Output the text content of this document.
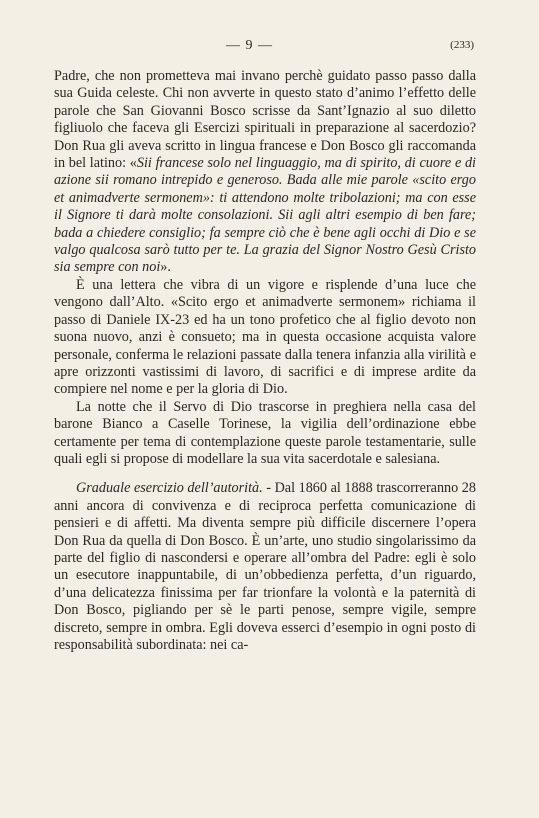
— 9 —	(233)

Padre, che non prometteva mai invano perchè guidato passo passo dalla sua Guida celeste. Chi non avverte in questo stato d’animo l’effetto delle parole che San Giovanni Bosco scrisse da Sant’Ignazio al suo diletto figliuolo che faceva gli Esercizi spirituali in preparazione al sacerdozio? Don Rua gli aveva scritto in lingua francese e Don Bosco gli raccomanda in bel latino: «Sii francese solo nel linguaggio, ma di spirito, di cuore e di azione sii romano intrepido e generoso. Bada alle mie parole «scito ergo et animadverte sermonem»: ti attendono molte tribolazioni; ma con esse il Signore ti darà molte consolazioni. Sii agli altri esempio di ben fare; bada a chiedere consiglio; fa sempre ciò che è bene agli occhi di Dio e se valgo qualcosa sarò tutto per te. La grazia del Signor Nostro Gesù Cristo sia sempre con noi».

È una lettera che vibra di un vigore e risplende d’una luce che vengono dall’Alto. «Scito ergo et animadverte sermonem» richiama il passo di Daniele IX-23 ed ha un tono profetico che al figlio devoto non suona nuovo, anzi è consueto; ma in questa occasione acquista valore personale, conferma le relazioni passate dalla tenera infanzia alla virilità e apre orizzonti vastissimi di lavoro, di sacrifici e di imprese ardite da compiere nel nome e per la gloria di Dio.

La notte che il Servo di Dio trascorse in preghiera nella casa del barone Bianco a Caselle Torinese, la vigilia dell’ordinazione ebbe certamente per tema di contemplazione queste parole testamentarie, sulle quali egli si propose di modellare la sua vita sacerdotale e salesiana.

Graduale esercizio dell’autorità. - Dal 1860 al 1888 trascorreranno 28 anni ancora di convivenza e di reciproca perfetta comunicazione di pensieri e di affetti. Ma diventa sempre più difficile discernere l’opera Don Rua da quella di Don Bosco. È un’arte, uno studio singolarissimo da parte del figlio di nascondersi e operare all’ombra del Padre: egli è solo un esecutore inappuntabile, di un’obbedienza perfetta, d’un riguardo, d’una delicatezza finissima per far trionfare la volontà e la paternità di Don Bosco, pigliando per sè le parti penose, sempre vigile, sempre discreto, sempre in ombra. Egli doveva esserci d’esempio in ogni posto di responsabilità subordinata: nei ca-
